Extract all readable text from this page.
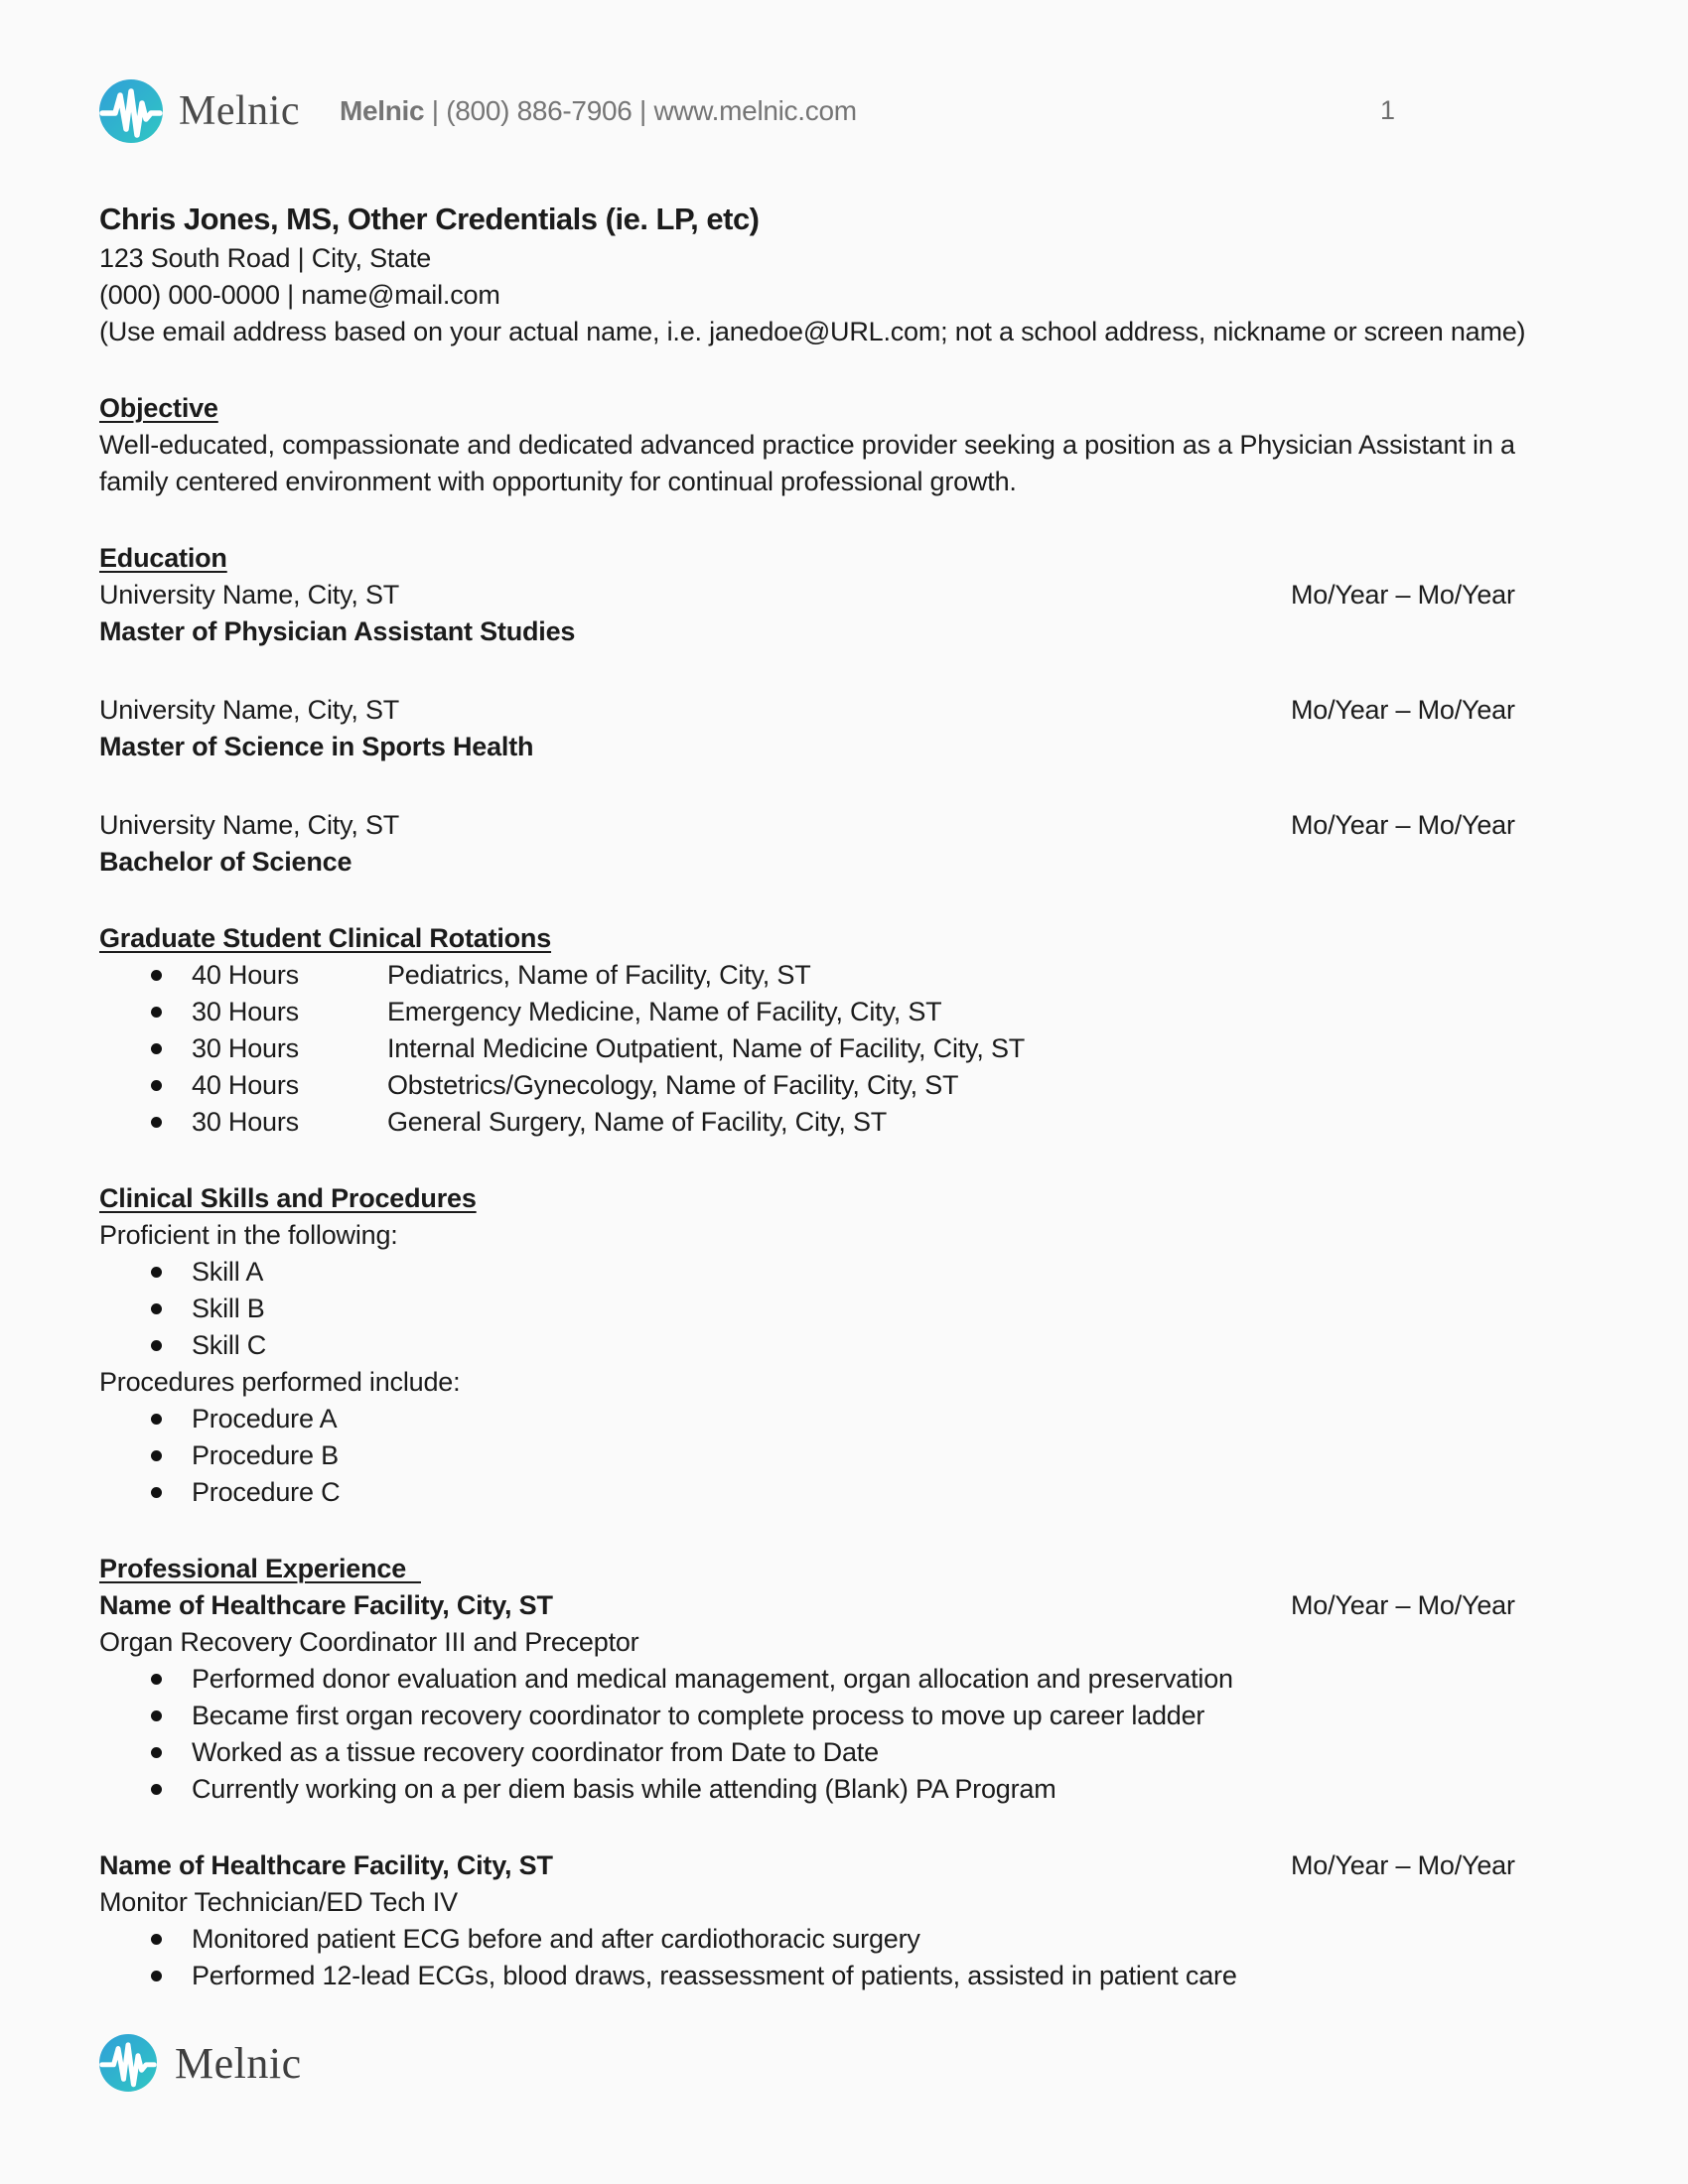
Melnic Melnic | (800) 886-7906 | www.melnic.com	1
Chris Jones, MS, Other Credentials (ie. LP, etc)
123 South Road | City, State
(000) 000-0000 | name@mail.com
(Use email address based on your actual name, i.e. janedoe@URL.com; not a school address, nickname or screen name)
Objective
Well-educated, compassionate and dedicated advanced practice provider seeking a position as a Physician Assistant in a family centered environment with opportunity for continual professional growth.
Education
University Name, City, ST	Mo/Year – Mo/Year
Master of Physician Assistant Studies
University Name, City, ST	Mo/Year – Mo/Year
Master of Science in Sports Health
University Name, City, ST	Mo/Year – Mo/Year
Bachelor of Science
Graduate Student Clinical Rotations
40 Hours	Pediatrics, Name of Facility, City, ST
30 Hours	Emergency Medicine, Name of Facility, City, ST
30 Hours	Internal Medicine Outpatient, Name of Facility, City, ST
40 Hours	Obstetrics/Gynecology, Name of Facility, City, ST
30 Hours	General Surgery, Name of Facility, City, ST
Clinical Skills and Procedures
Proficient in the following:
Skill A
Skill B
Skill C
Procedures performed include:
Procedure A
Procedure B
Procedure C
Professional Experience
Name of Healthcare Facility, City, ST	Mo/Year – Mo/Year
Organ Recovery Coordinator III and Preceptor
Performed donor evaluation and medical management, organ allocation and preservation
Became first organ recovery coordinator to complete process to move up career ladder
Worked as a tissue recovery coordinator from Date to Date
Currently working on a per diem basis while attending (Blank) PA Program
Name of Healthcare Facility, City, ST	Mo/Year – Mo/Year
Monitor Technician/ED Tech IV
Monitored patient ECG before and after cardiothoracic surgery
Performed 12-lead ECGs, blood draws, reassessment of patients, assisted in patient care
Melnic
